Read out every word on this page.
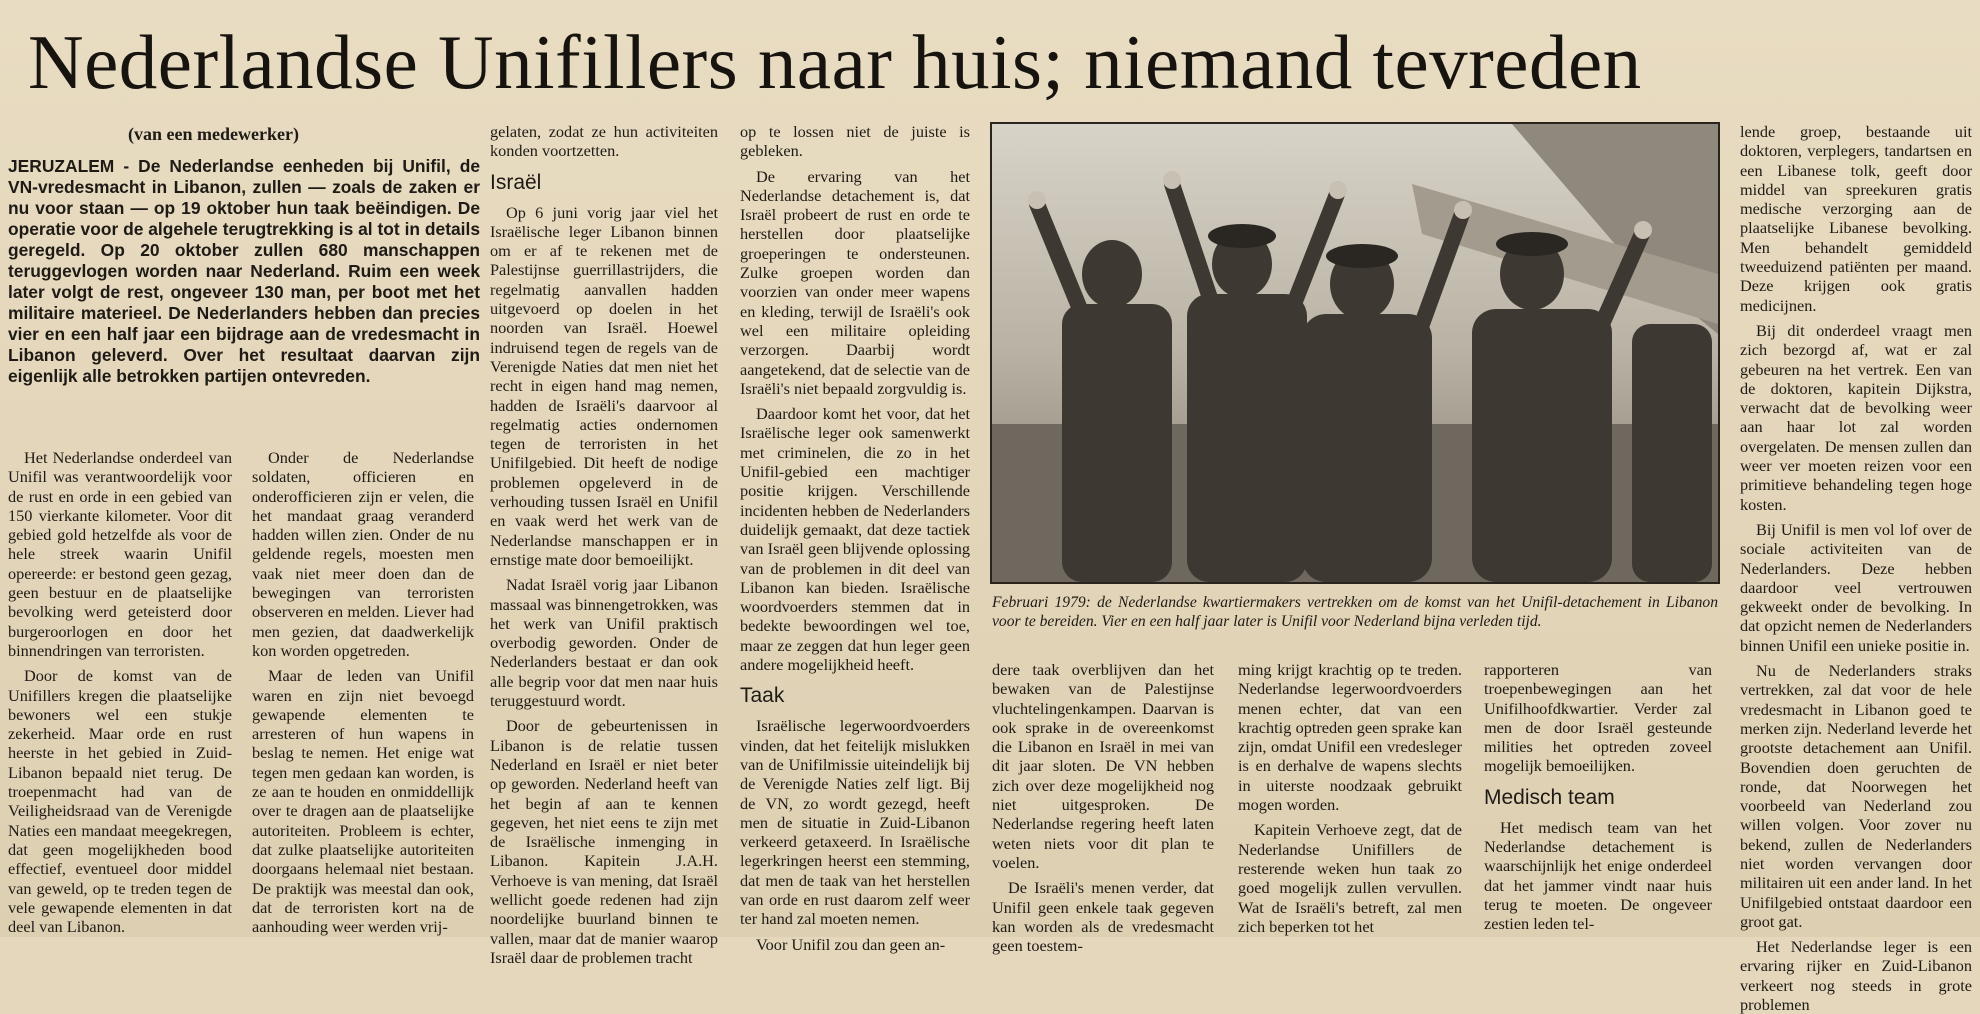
Nederlandse Unifillers naar huis; niemand tevreden
(van een medewerker)
JERUZALEM - De Nederlandse eenheden bij Unifil, de VN-vredesmacht in Libanon, zullen — zoals de zaken er nu voor staan — op 19 oktober hun taak beëindigen. De operatie voor de algehele terugtrekking is al tot in details geregeld. Op 20 oktober zullen 680 manschappen teruggevlogen worden naar Nederland. Ruim een week later volgt de rest, ongeveer 130 man, per boot met het militaire materieel. De Nederlanders hebben dan precies vier en een half jaar een bijdrage aan de vredesmacht in Libanon geleverd. Over het resultaat daarvan zijn eigenlijk alle betrokken partijen ontevreden.

Het Nederlandse onderdeel van Unifil was verantwoordelijk voor de rust en orde in een gebied van 150 vierkante kilometer. Voor dit gebied gold hetzelfde als voor de hele streek waarin Unifil opereerde: er bestond geen gezag, geen bestuur en de plaatselijke bevolking werd geteisterd door burgeroorlogen en door het binnendringen van terroristen.

Door de komst van de Unifillers kregen die plaatselijke bewoners wel een stukje zekerheid. Maar orde en rust heerste in het gebied in Zuid-Libanon bepaald niet terug. De troepenmacht had van de Veiligheidsraad van de Verenigde Naties een mandaat meegekregen, dat geen mogelijkheden bood effectief, eventueel door middel van geweld, op te treden tegen de vele gewapende elementen in dat deel van Libanon.

Onder de Nederlandse soldaten, officieren en onderofficieren zijn er velen, die het mandaat graag veranderd hadden willen zien. Onder de nu geldende regels, moesten men vaak niet meer doen dan de bewegingen van terroristen observeren en melden. Liever had men gezien, dat daadwerkelijk kon worden opgetreden.

Maar de leden van Unifil waren en zijn niet bevoegd gewapende elementen te arresteren of hun wapens in beslag te nemen. Het enige wat tegen men gedaan kan worden, is ze aan te houden en onmiddellijk over te dragen aan de plaatselijke autoriteiten. Probleem is echter, dat zulke plaatselijke autoriteiten doorgaans helemaal niet bestaan. De praktijk was meestal dan ook, dat de terroristen kort na de aanhouding weer werden vrij-

gelaten, zodat ze hun activiteiten konden voortzetten.

Israël

Op 6 juni vorig jaar viel het Israëlische leger Libanon binnen om er af te rekenen met de Palestijnse guerrillastrijders, die regelmatig aanvallen hadden uitgevoerd op doelen in het noorden van Israël. Hoewel indruisend tegen de regels van de Verenigde Naties dat men niet het recht in eigen hand mag nemen, hadden de Israëli's daarvoor al regelmatig acties ondernomen tegen de terroristen in het Unifilgebied. Dit heeft de nodige problemen opgeleverd in de verhouding tussen Israël en Unifil en vaak werd het werk van de Nederlandse manschappen er in ernstige mate door bemoeilijkt.

Nadat Israël vorig jaar Libanon massaal was binnengetrokken, was het werk van Unifil praktisch overbodig geworden. Onder de Nederlanders bestaat er dan ook alle begrip voor dat men naar huis teruggestuurd wordt.

Door de gebeurtenissen in Libanon is de relatie tussen Nederland en Israël er niet beter op geworden. Nederland heeft van het begin af aan te kennen gegeven, het niet eens te zijn met de Israëlische inmenging in Libanon. Kapitein J.A.H. Verhoeve is van mening, dat Israël wellicht goede redenen had zijn noordelijke buurland binnen te vallen, maar dat de manier waarop Israël daar de problemen tracht

op te lossen niet de juiste is gebleken.

De ervaring van het Nederlandse detachement is, dat Israël probeert de rust en orde te herstellen door plaatselijke groeperingen te ondersteunen. Zulke groepen worden dan voorzien van onder meer wapens en kleding, terwijl de Israëli's ook wel een militaire opleiding verzorgen. Daarbij wordt aangetekend, dat de selectie van de Israëli's niet bepaald zorgvuldig is.

Daardoor komt het voor, dat het Israëlische leger ook samenwerkt met criminelen, die zo in het Unifil-gebied een machtiger positie krijgen. Verschillende incidenten hebben de Nederlanders duidelijk gemaakt, dat deze tactiek van Israël geen blijvende oplossing van de problemen in dit deel van Libanon kan bieden. Israëlische woordvoerders stemmen dat in bedekte bewoordingen wel toe, maar ze zeggen dat hun leger geen andere mogelijkheid heeft.

Taak

Israëlische legerwoordvoerders vinden, dat het feitelijk mislukken van de Unifilmissie uiteindelijk bij de Verenigde Naties zelf ligt. Bij de VN, zo wordt gezegd, heeft men de situatie in Zuid-Libanon verkeerd getaxeerd. In Israëlische legerkringen heerst een stemming, dat men de taak van het herstellen van orde en rust daarom zelf weer ter hand zal moeten nemen.

Voor Unifil zou dan geen an-

Februari 1979: de Nederlandse kwartiermakers vertrekken om de komst van het Unifil-detachement in Libanon voor te bereiden. Vier en een half jaar later is Unifil voor Nederland bijna verleden tijd.

dere taak overblijven dan het bewaken van de Palestijnse vluchtelingenkampen. Daarvan is ook sprake in de overeenkomst die Libanon en Israël in mei van dit jaar sloten. De VN hebben zich over deze mogelijkheid nog niet uitgesproken. De Nederlandse regering heeft laten weten niets voor dit plan te voelen.

De Israëli's menen verder, dat Unifil geen enkele taak gegeven kan worden als de vredesmacht geen toestem-

ming krijgt krachtig op te treden. Nederlandse legerwoordvoerders menen echter, dat van een krachtig optreden geen sprake kan zijn, omdat Unifil een vredesleger is en derhalve de wapens slechts in uiterste noodzaak gebruikt mogen worden.

Kapitein Verhoeve zegt, dat de Nederlandse Unifillers de resterende weken hun taak zo goed mogelijk zullen vervullen. Wat de Israëli's betreft, zal men zich beperken tot het

rapporteren van troepenbewegingen aan het Unifilhoofdkwartier. Verder zal men de door Israël gesteunde milities het optreden zoveel mogelijk bemoeilijken.

Medisch team

Het medisch team van het Nederlandse detachement is waarschijnlijk het enige onderdeel dat het jammer vindt naar huis terug te moeten. De ongeveer zestien leden tel-

lende groep, bestaande uit doktoren, verplegers, tandartsen en een Libanese tolk, geeft door middel van spreekuren gratis medische verzorging aan de plaatselijke Libanese bevolking. Men behandelt gemiddeld tweeduizend patiënten per maand. Deze krijgen ook gratis medicijnen.

Bij dit onderdeel vraagt men zich bezorgd af, wat er zal gebeuren na het vertrek. Een van de doktoren, kapitein Dijkstra, verwacht dat de bevolking weer aan haar lot zal worden overgelaten. De mensen zullen dan weer ver moeten reizen voor een primitieve behandeling tegen hoge kosten.

Bij Unifil is men vol lof over de sociale activiteiten van de Nederlanders. Deze hebben daardoor veel vertrouwen gekweekt onder de bevolking. In dat opzicht nemen de Nederlanders binnen Unifil een unieke positie in.

Nu de Nederlanders straks vertrekken, zal dat voor de hele vredesmacht in Libanon goed te merken zijn. Nederland leverde het grootste detachement aan Unifil. Bovendien doen geruchten de ronde, dat Noorwegen het voorbeeld van Nederland zou willen volgen. Voor zover nu bekend, zullen de Nederlanders niet worden vervangen door militairen uit een ander land. In het Unifilgebied ontstaat daardoor een groot gat.

Het Nederlandse leger is een ervaring rijker en Zuid-Libanon verkeert nog steeds in grote problemen
